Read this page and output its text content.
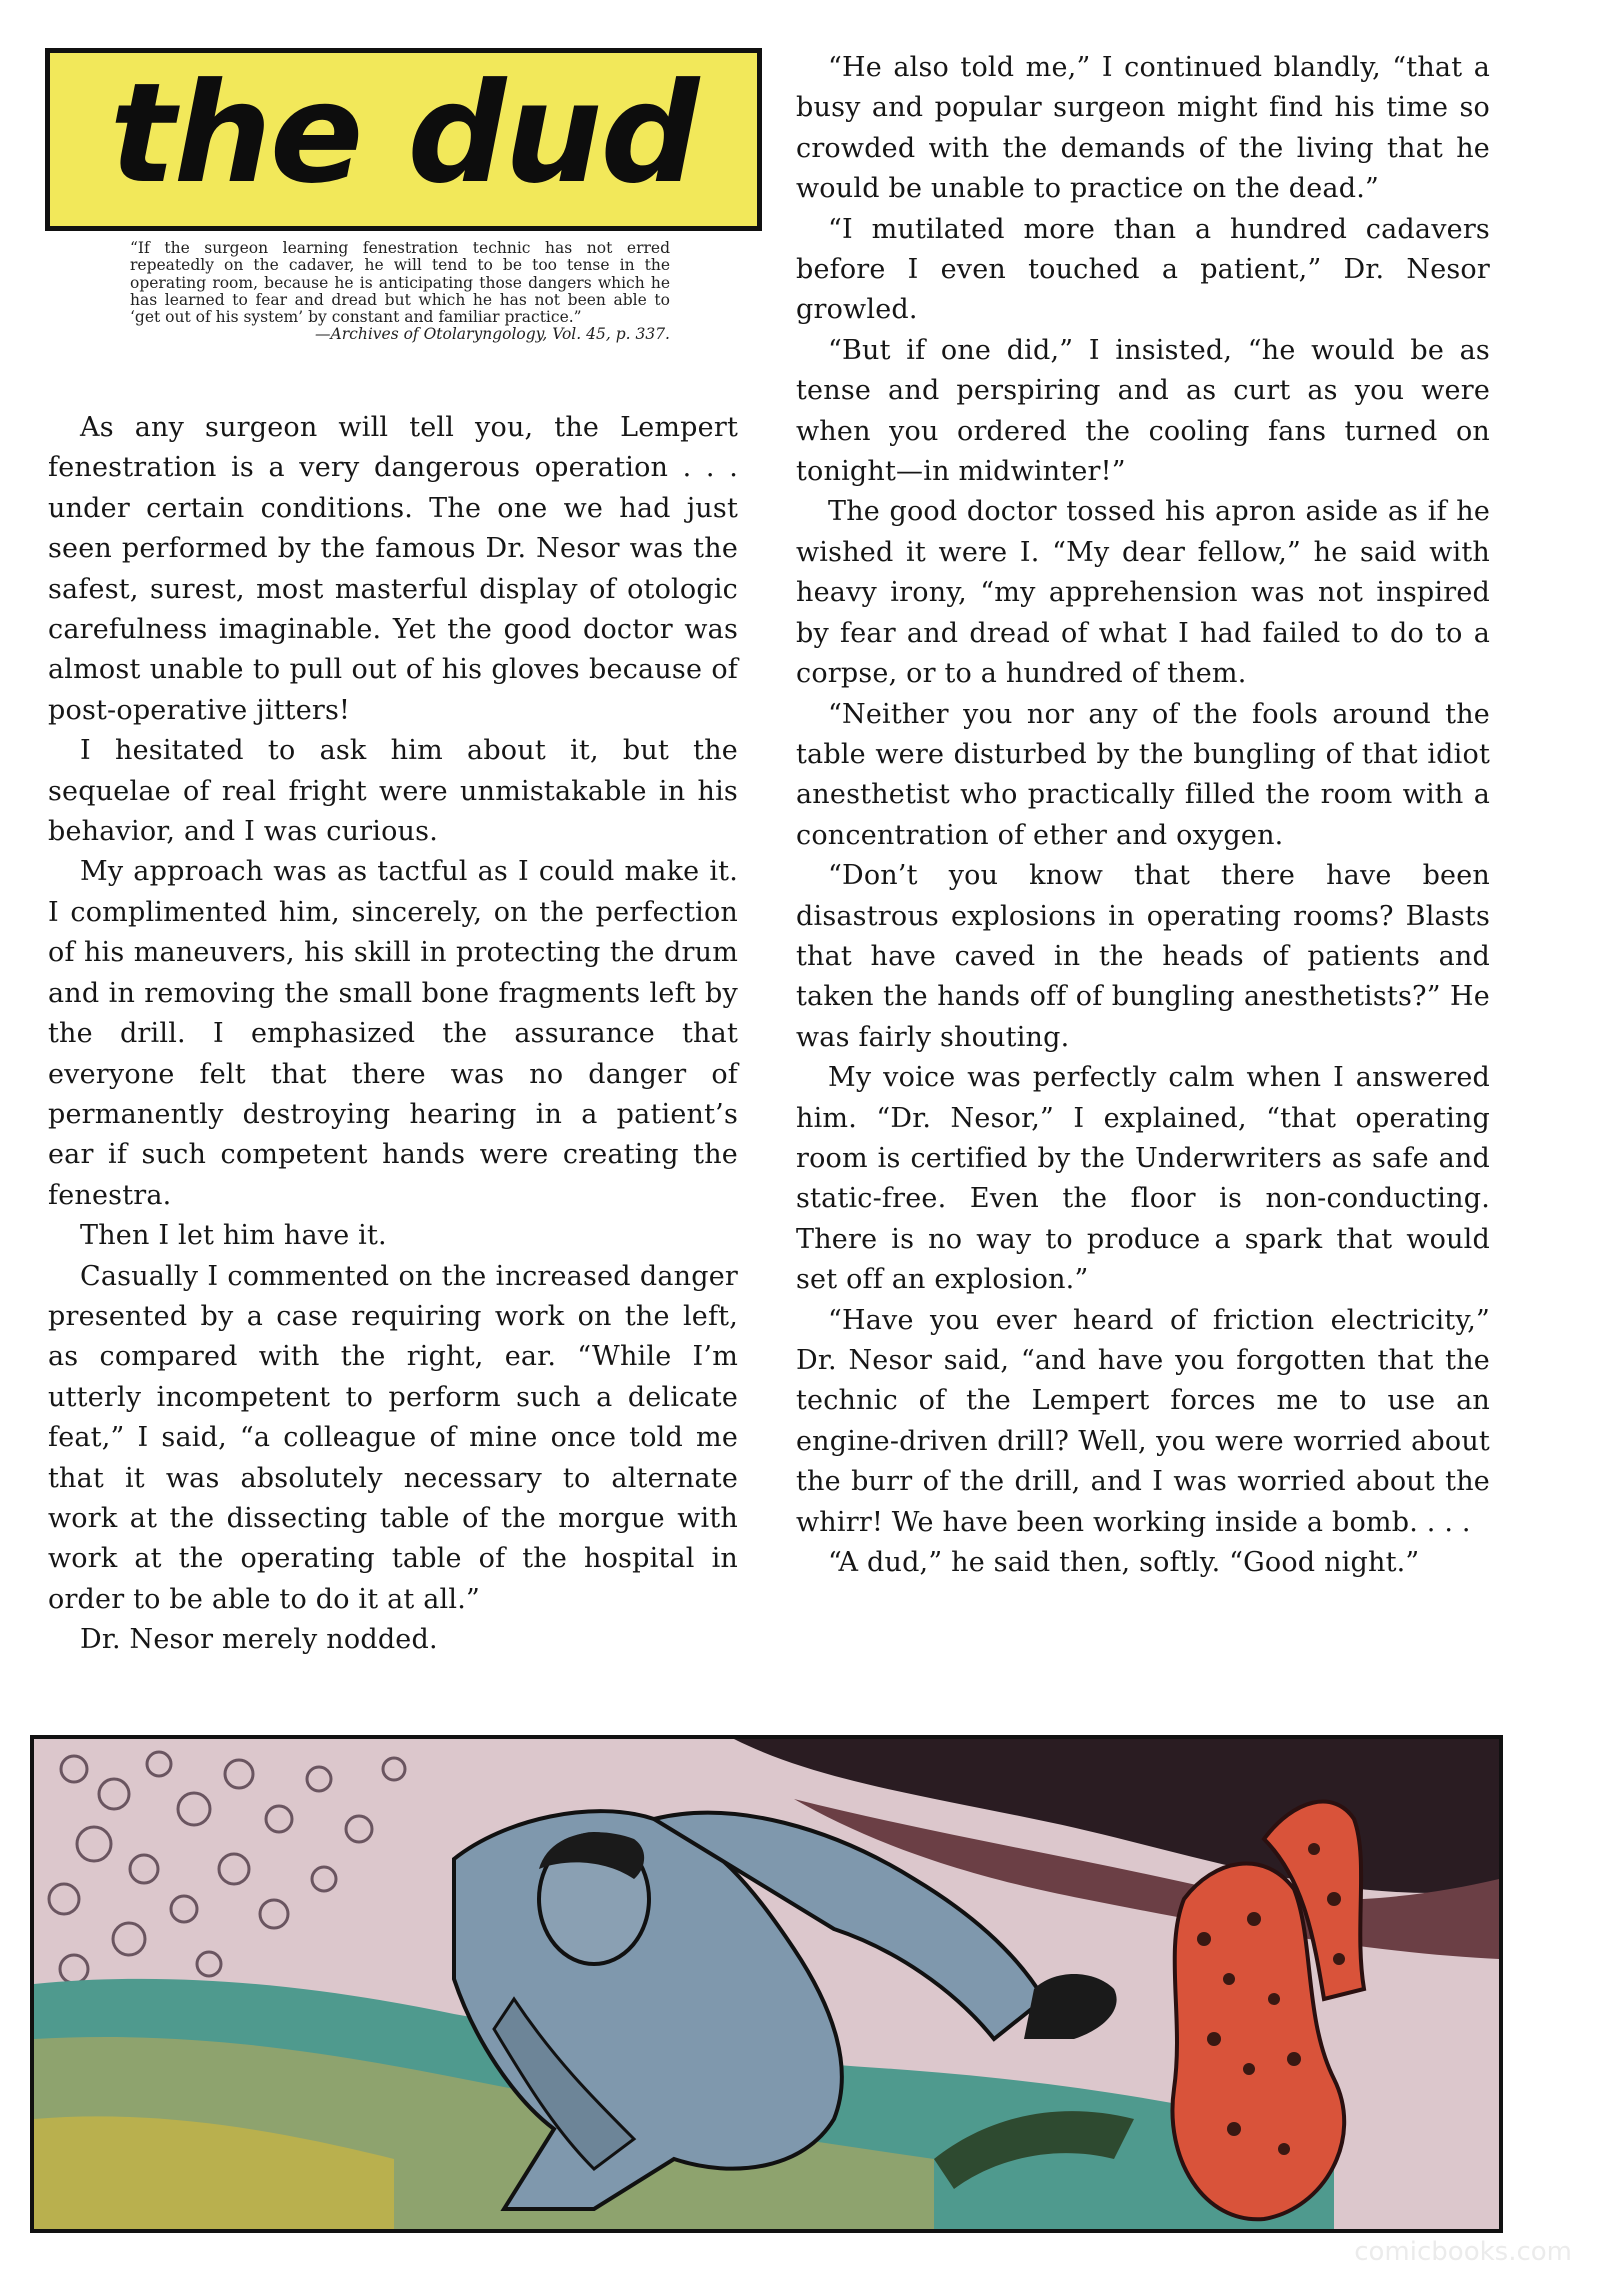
the dud
“If the surgeon learning fenestration technic has not erred repeatedly on the cadaver, he will tend to be too tense in the operating room, because he is anticipating those dangers which he has learned to fear and dread but which he has not been able to ‘get out of his system’ by constant and familiar practice.”
—Archives of Otolaryngology, Vol. 45, p. 337.

As any surgeon will tell you, the Lempert fenestration is a very dangerous operation . . . under certain conditions. The one we had just seen performed by the famous Dr. Nesor was the safest, surest, most masterful display of otologic carefulness imaginable. Yet the good doctor was almost unable to pull out of his gloves because of post-operative jitters!

I hesitated to ask him about it, but the sequelae of real fright were unmistakable in his behavior, and I was curious.

My approach was as tactful as I could make it. I complimented him, sincerely, on the perfection of his maneuvers, his skill in protecting the drum and in removing the small bone fragments left by the drill. I emphasized the assurance that everyone felt that there was no danger of permanently destroying hearing in a patient’s ear if such competent hands were creating the fenestra.

Then I let him have it.

Casually I commented on the increased danger presented by a case requiring work on the left, as compared with the right, ear. “While I’m utterly incompetent to perform such a delicate feat,” I said, “a colleague of mine once told me that it was absolutely necessary to alternate work at the dissecting table of the morgue with work at the operating table of the hospital in order to be able to do it at all.”

Dr. Nesor merely nodded.

“He also told me,” I continued blandly, “that a busy and popular surgeon might find his time so crowded with the demands of the living that he would be unable to practice on the dead.”

“I mutilated more than a hundred cadavers before I even touched a patient,” Dr. Nesor growled.

“But if one did,” I insisted, “he would be as tense and perspiring and as curt as you were when you ordered the cooling fans turned on tonight—in midwinter!”

The good doctor tossed his apron aside as if he wished it were I. “My dear fellow,” he said with heavy irony, “my apprehension was not inspired by fear and dread of what I had failed to do to a corpse, or to a hundred of them.

“Neither you nor any of the fools around the table were disturbed by the bungling of that idiot anesthetist who practically filled the room with a concentration of ether and oxygen.

“Don’t you know that there have been disastrous explosions in operating rooms? Blasts that have caved in the heads of patients and taken the hands off of bungling anesthetists?” He was fairly shouting.

My voice was perfectly calm when I answered him. “Dr. Nesor,” I explained, “that operating room is certified by the Underwriters as safe and static-free. Even the floor is non-conducting. There is no way to produce a spark that would set off an explosion.”

“Have you ever heard of friction electricity,” Dr. Nesor said, “and have you forgotten that the technic of the Lempert forces me to use an engine-driven drill? Well, you were worried about the burr of the drill, and I was worried about the whirr! We have been working inside a bomb. . . .

“A dud,” he said then, softly. “Good night.”

comicbooks.com
